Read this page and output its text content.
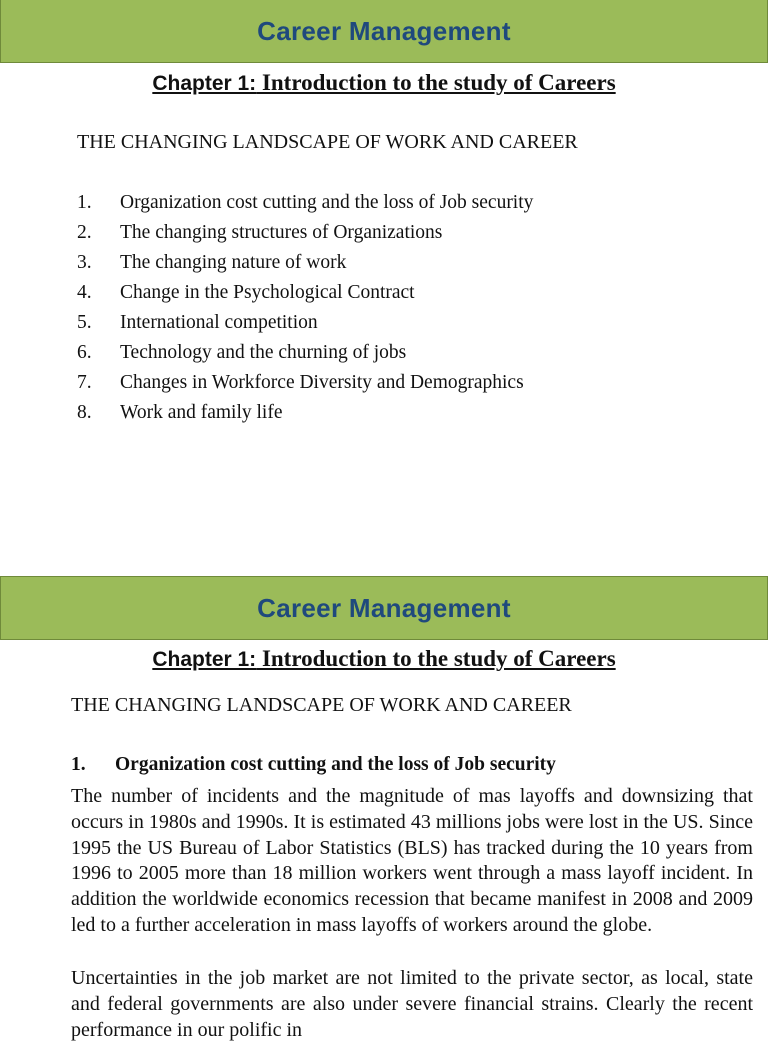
Career Management
Chapter 1: Introduction to the study of Careers
THE CHANGING LANDSCAPE OF WORK AND CAREER
1.	Organization cost cutting and the loss of Job security
2.	The changing structures of Organizations
3.	The changing nature of work
4.	Change in the Psychological Contract
5.	International competition
6.	Technology and the churning of jobs
7.	Changes in Workforce Diversity and Demographics
8.	Work and family life
Career Management
Chapter 1: Introduction to the study of Careers
THE CHANGING LANDSCAPE OF WORK AND CAREER
1.	Organization cost cutting and the loss of Job security

The number of incidents and the magnitude of mas layoffs and downsizing that occurs in 1980s and 1990s. It is estimated 43 millions jobs were lost in the US. Since 1995 the US Bureau of Labor Statistics (BLS) has tracked during the 10 years from 1996 to 2005 more than 18 million workers went through a mass layoff incident. In addition the worldwide economics recession that became manifest in 2008 and 2009 led to a further acceleration in mass layoffs of workers around the globe.

Uncertainties in the job market are not limited to the private sector, as local, state and federal governments are also under severe financial strains. Clearly the recent performance in our polific in
